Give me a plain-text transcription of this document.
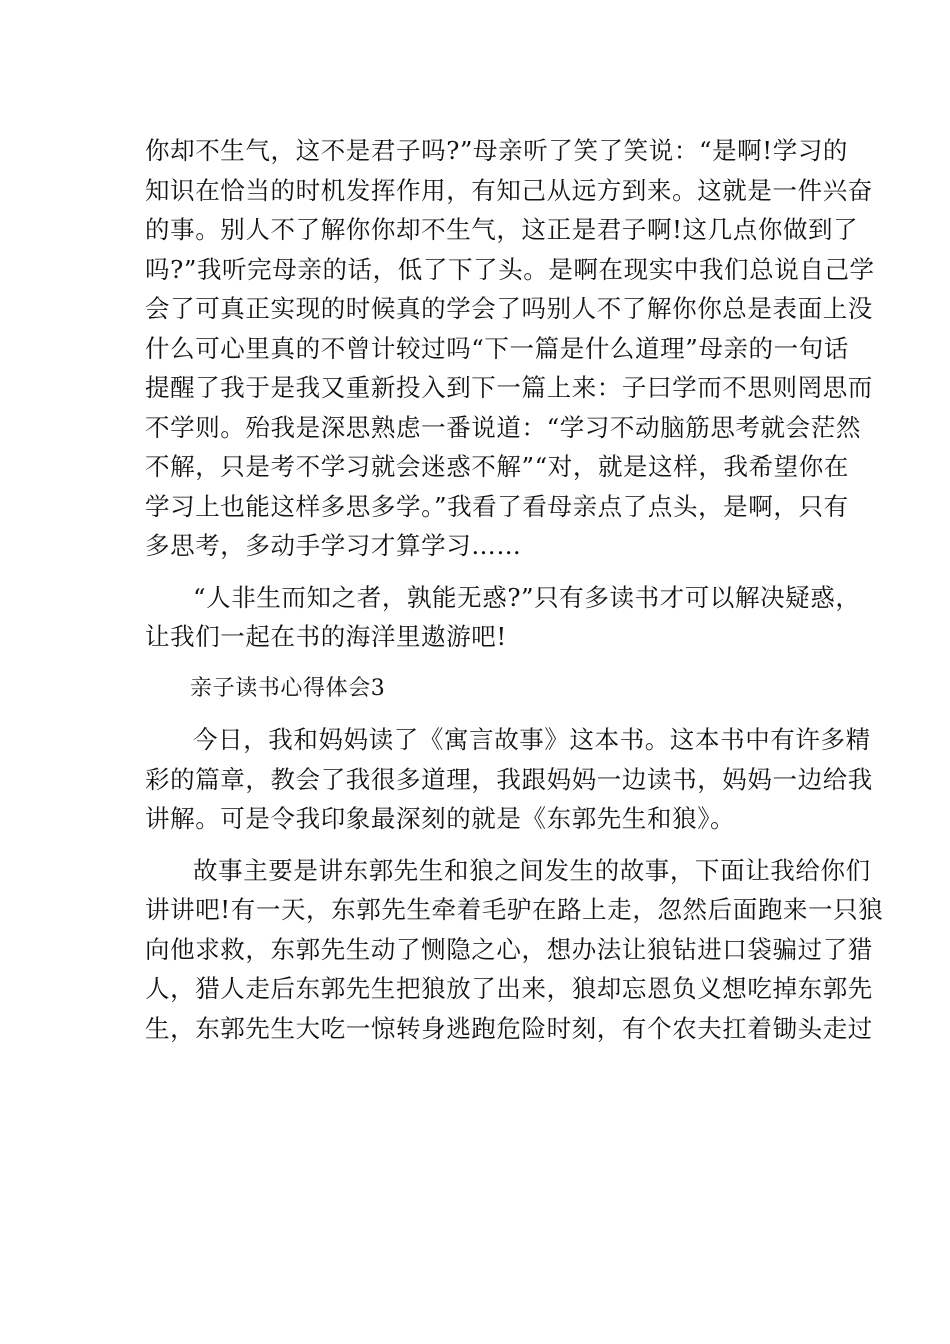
你却不生气，这不是君子吗?”母亲听了笑了笑说：“是啊!学习的
知识在恰当的时机发挥作用，有知己从远方到来。这就是一件兴奋
的事。别人不了解你你却不生气，这正是君子啊!这几点你做到了
吗?”我听完母亲的话，低了下了头。是啊在现实中我们总说自己学
会了可真正实现的时候真的学会了吗别人不了解你你总是表面上没
什么可心里真的不曾计较过吗“下一篇是什么道理”母亲的一句话
提醒了我于是我又重新投入到下一篇上来：子曰学而不思则罔思而
不学则。殆我是深思熟虑一番说道：“学习不动脑筋思考就会茫然
不解，只是考不学习就会迷惑不解”“对，就是这样，我希望你在
学习上也能这样多思多学。”我看了看母亲点了点头，是啊，只有
多思考，多动手学习才算学习……
“人非生而知之者，孰能无惑?”只有多读书才可以解决疑惑，
让我们一起在书的海洋里遨游吧!
亲子读书心得体会3
今日，我和妈妈读了《寓言故事》这本书。这本书中有许多精
彩的篇章，教会了我很多道理，我跟妈妈一边读书，妈妈一边给我
讲解。可是令我印象最深刻的就是《东郭先生和狼》。
故事主要是讲东郭先生和狼之间发生的故事，下面让我给你们
讲讲吧!有一天，东郭先生牵着毛驴在路上走，忽然后面跑来一只狼
向他求救，东郭先生动了恻隐之心，想办法让狼钻进口袋骗过了猎
人，猎人走后东郭先生把狼放了出来，狼却忘恩负义想吃掉东郭先
生，东郭先生大吃一惊转身逃跑危险时刻，有个农夫扛着锄头走过
